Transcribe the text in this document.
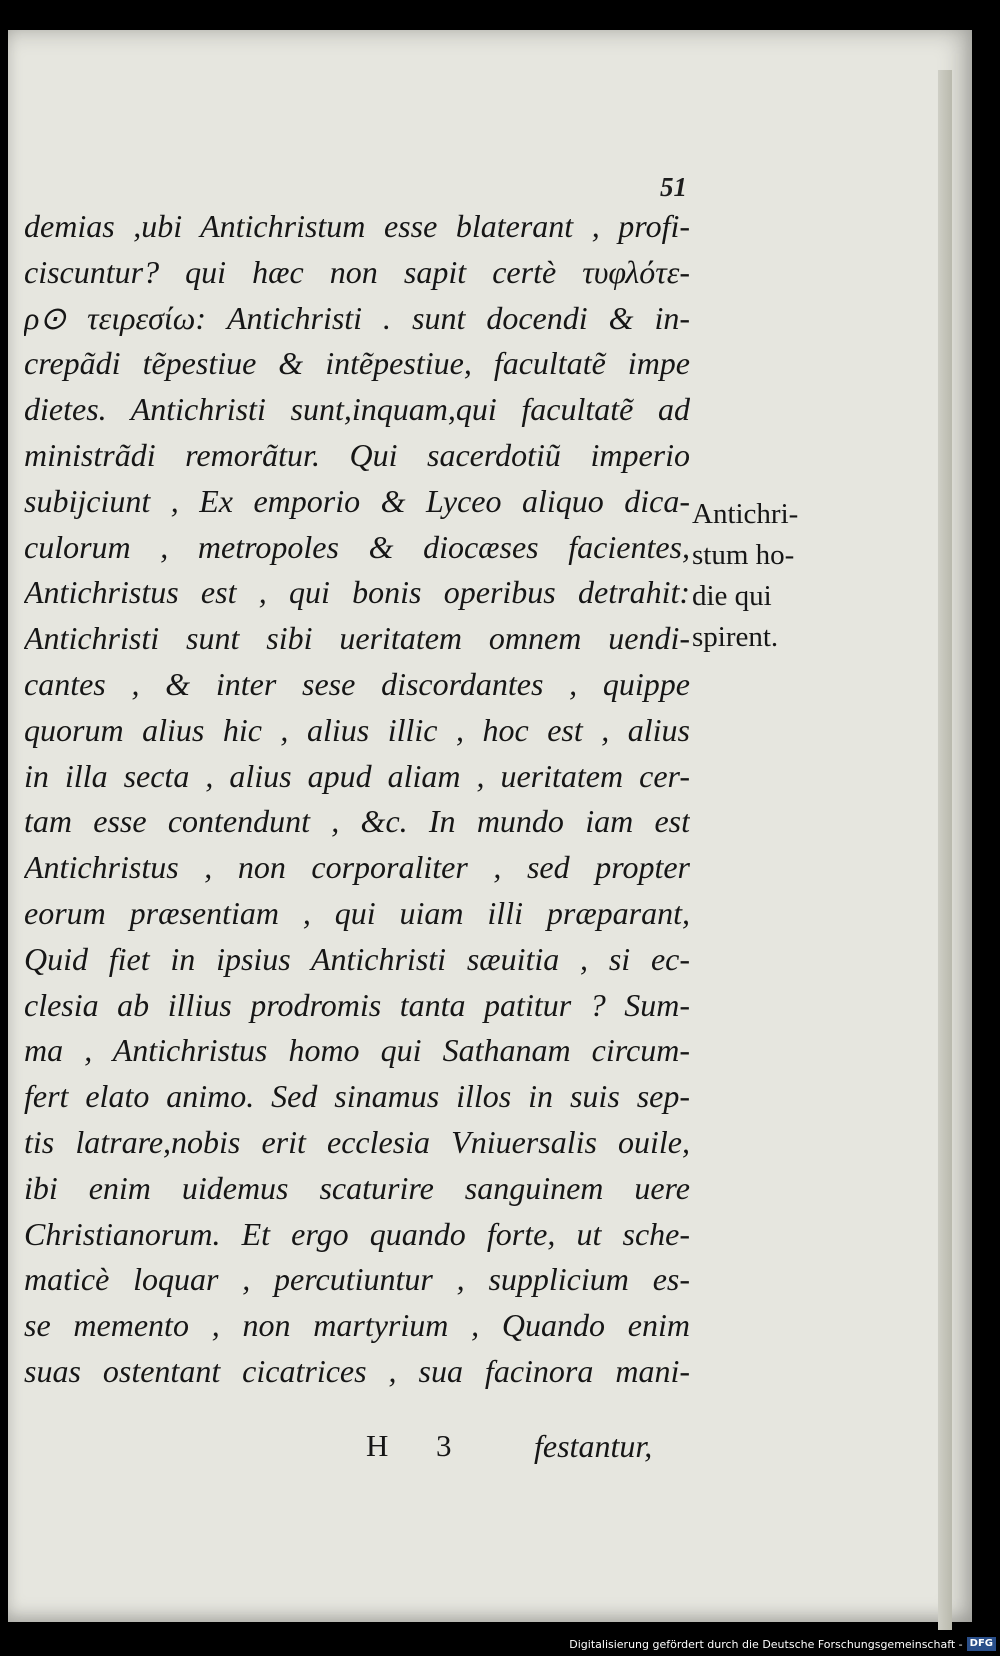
51
demias ,ubi Antichristum esse blaterant , profi-
ciscuntur? qui hæc non sapit certè τυφλότε-
ρ⊙ τειρεσίω: Antichristi . sunt docendi & in-
crepãdi tẽpestiue & intẽpestiue, facultatẽ impe
dietes. Antichristi sunt,inquam,qui facultatẽ ad
ministrãdi remorãtur. Qui sacerdotiũ imperio
subijciunt , Ex emporio & Lyceo aliquo dica-
culorum , metropoles & diocæses facientes,
Antichristus est , qui bonis operibus detrahit:
Antichristi sunt sibi ueritatem omnem uendi-
cantes , & inter sese discordantes , quippe
quorum alius hic , alius illic , hoc est , alius
in illa secta , alius apud aliam , ueritatem cer-
tam esse contendunt , &c. In mundo iam est
Antichristus , non corporaliter , sed propter
eorum præsentiam , qui uiam illi præparant,
Quid fiet in ipsius Antichristi sæuitia , si ec-
clesia ab illius prodromis tanta patitur ? Sum-
ma , Antichristus homo qui Sathanam circum-
fert elato animo. Sed sinamus illos in suis sep-
tis latrare,nobis erit ecclesia Vniuersalis ouile,
ibi enim uidemus scaturire sanguinem uere
Christianorum. Et ergo quando forte, ut sche-
maticè loquar , percutiuntur , supplicium es-
se memento , non martyrium , Quando enim
suas ostentant cicatrices , sua facinora mani-
Antichri-
stum ho-
die qui
spirent.
H 3	festantur,
Digitalisierung gefördert durch die Deutsche Forschungsgemeinschaft - DFG
